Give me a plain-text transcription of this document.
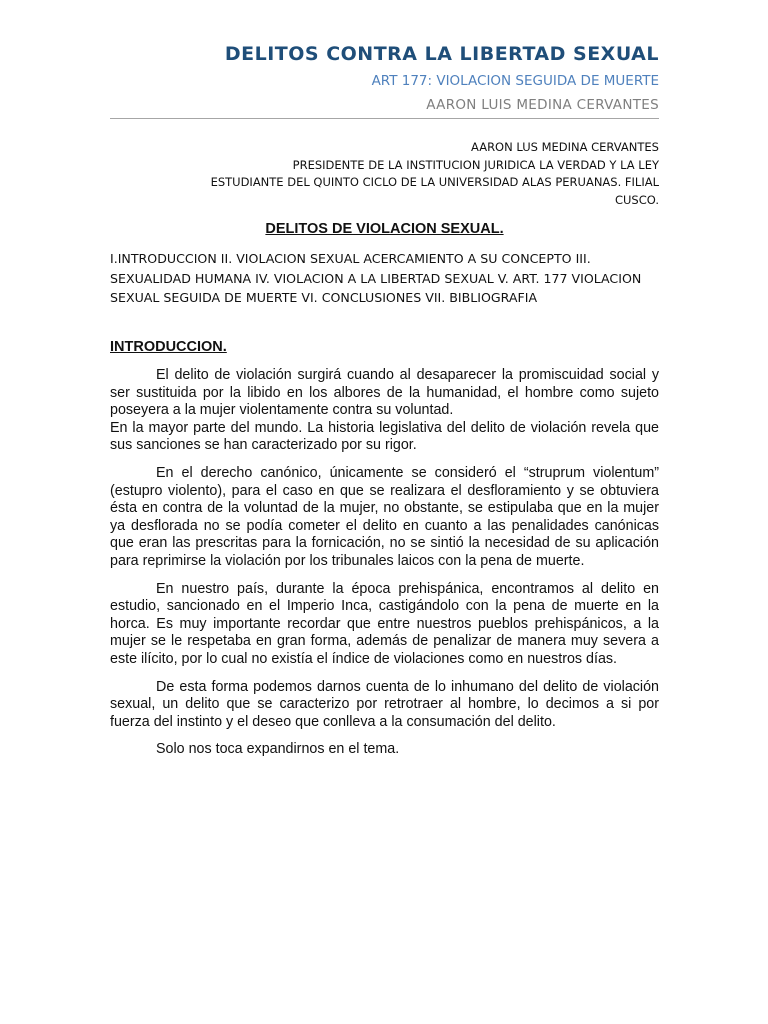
DELITOS CONTRA LA LIBERTAD SEXUAL
ART 177: VIOLACION SEGUIDA DE MUERTE
AARON LUIS MEDINA CERVANTES
AARON LUS MEDINA CERVANTES
PRESIDENTE DE LA INSTITUCION JURIDICA LA VERDAD Y LA LEY
ESTUDIANTE DEL QUINTO CICLO DE LA UNIVERSIDAD ALAS PERUANAS. FILIAL
CUSCO.
DELITOS DE VIOLACION SEXUAL.

I.INTRODUCCION II. VIOLACION SEXUAL ACERCAMIENTO A SU CONCEPTO III. SEXUALIDAD HUMANA IV. VIOLACION A LA LIBERTAD SEXUAL V. ART. 177 VIOLACION SEXUAL SEGUIDA DE MUERTE VI. CONCLUSIONES VII. BIBLIOGRAFIA

INTRODUCCION.

El delito de violación surgirá cuando al desaparecer la promiscuidad social y ser sustituida por la libido en los albores de la humanidad, el hombre como sujeto poseyera a la mujer violentamente contra su voluntad.

En la mayor parte del mundo. La historia legislativa del delito de violación revela que sus sanciones se han caracterizado por su rigor.

En el derecho canónico, únicamente se consideró el “struprum violentum” (estupro violento), para el caso en que se realizara el desfloramiento y se obtuviera ésta en contra de la voluntad de la mujer, no obstante, se estipulaba que en la mujer ya desflorada no se podía cometer el delito en cuanto a las penalidades canónicas que eran las prescritas para la fornicación, no se sintió la necesidad de su aplicación para reprimirse la violación por los tribunales laicos con la pena de muerte.

En nuestro país, durante la época prehispánica, encontramos al delito en estudio, sancionado en el Imperio Inca, castigándolo con la pena de muerte en la horca. Es muy importante recordar que entre nuestros pueblos prehispánicos, a la mujer se le respetaba en gran forma, además de penalizar de manera muy severa a este ilícito, por lo cual no existía el índice de violaciones como en nuestros días.

De esta forma podemos darnos cuenta de lo inhumano del delito de violación sexual, un delito que se caracterizo por retrotraer al hombre, lo decimos a si por fuerza del instinto y el deseo que conlleva a la consumación del delito.

Solo nos toca expandirnos en el tema.
